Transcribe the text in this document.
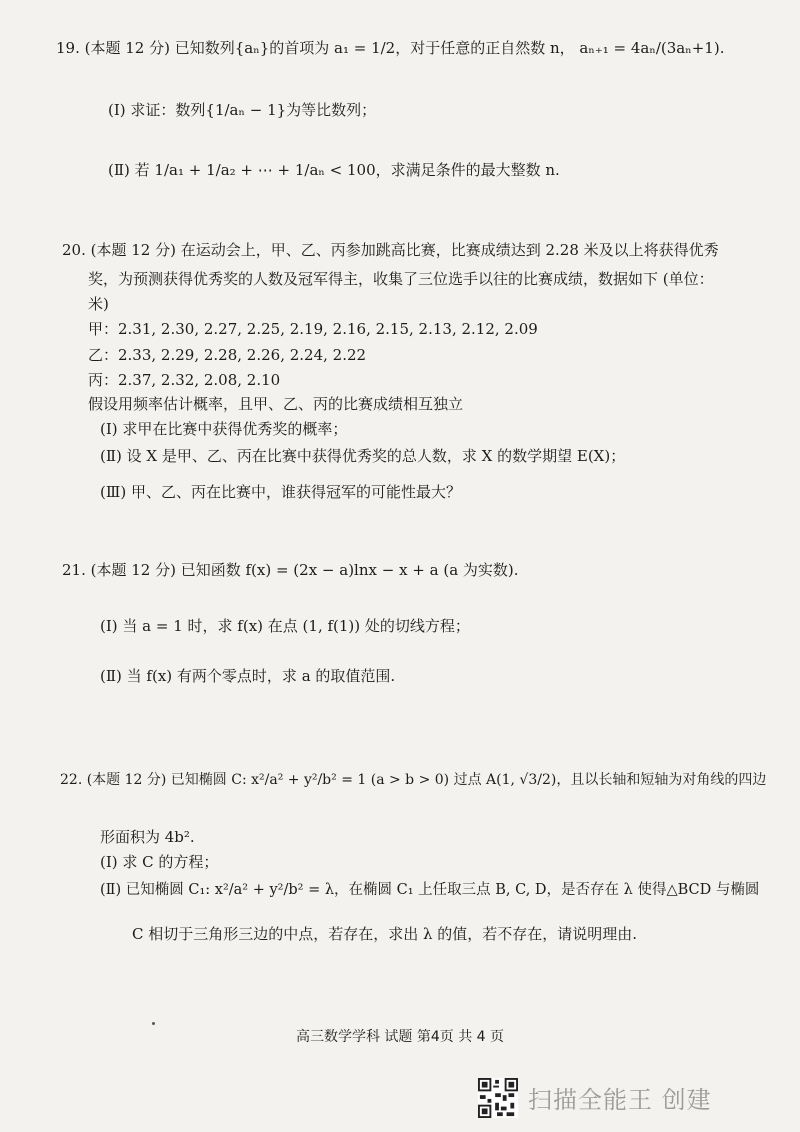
19. (本题 12 分) 已知数列{aₙ}的首项为 a₁ = 1/2，对于任意的正自然数 n， aₙ₊₁ = 4aₙ/(3aₙ+1).
(Ⅰ) 求证：数列{1/aₙ − 1}为等比数列；
(Ⅱ) 若 1/a₁ + 1/a₂ + ⋯ + 1/aₙ < 100，求满足条件的最大整数 n.
20. (本题 12 分) 在运动会上，甲、乙、丙参加跳高比赛，比赛成绩达到 2.28 米及以上将获得优秀
奖，为预测获得优秀奖的人数及冠军得主，收集了三位选手以往的比赛成绩，数据如下 (单位：
米)
甲：2.31, 2.30, 2.27, 2.25, 2.19, 2.16, 2.15, 2.13, 2.12, 2.09
乙：2.33, 2.29, 2.28, 2.26, 2.24, 2.22
丙：2.37, 2.32, 2.08, 2.10
假设用频率估计概率，且甲、乙、丙的比赛成绩相互独立
(Ⅰ) 求甲在比赛中获得优秀奖的概率；
(Ⅱ) 设 X 是甲、乙、丙在比赛中获得优秀奖的总人数，求 X 的数学期望 E(X)；
(Ⅲ) 甲、乙、丙在比赛中，谁获得冠军的可能性最大？
21. (本题 12 分) 已知函数 f(x) = (2x − a)lnx − x + a (a 为实数).
(Ⅰ) 当 a = 1 时，求 f(x) 在点 (1, f(1)) 处的切线方程；
(Ⅱ) 当 f(x) 有两个零点时，求 a 的取值范围.
22. (本题 12 分) 已知椭圆 C: x²/a² + y²/b² = 1 (a > b > 0) 过点 A(1, √3/2)，且以长轴和短轴为对角线的四边
形面积为 4b².
(Ⅰ) 求 C 的方程；
(Ⅱ) 已知椭圆 C₁: x²/a² + y²/b² = λ，在椭圆 C₁ 上任取三点 B, C, D，是否存在 λ 使得△BCD 与椭圆
C 相切于三角形三边的中点，若存在，求出 λ 的值，若不存在，请说明理由.
高三数学学科 试题 第4页 共 4 页
扫描全能王 创建
